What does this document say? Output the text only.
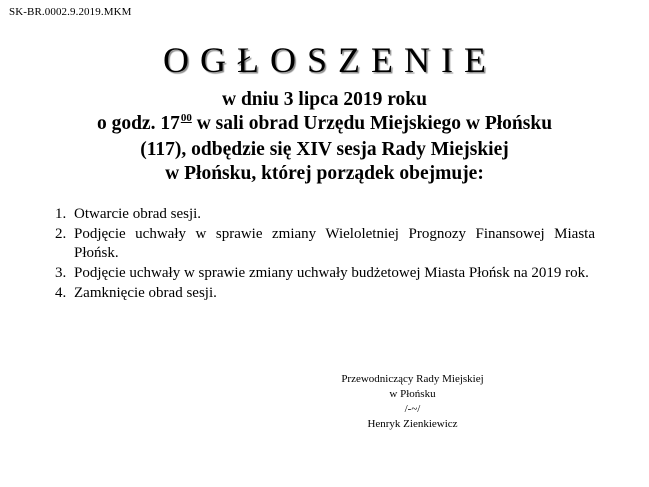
SK-BR.0002.9.2019.MKM
OGŁOSZENIE
w dniu 3 lipca 2019 roku
o godz. $17^{00}$ w sali obrad Urzędu Miejskiego w Płońsku
(117), odbędzie się XIV sesja Rady Miejskiej
w Płońsku, której porządek obejmuje:
1. Otwarcie obrad sesji.
2. Podjęcie uchwały w sprawie zmiany Wieloletniej Prognozy Finansowej Miasta Płońsk.
3. Podjęcie uchwały w sprawie zmiany uchwały budżetowej Miasta Płońsk na 2019 rok.
4. Zamknięcie obrad sesji.
Przewodniczący Rady Miejskiej
w Płońsku
/-~/
Henryk Zienkiewicz
